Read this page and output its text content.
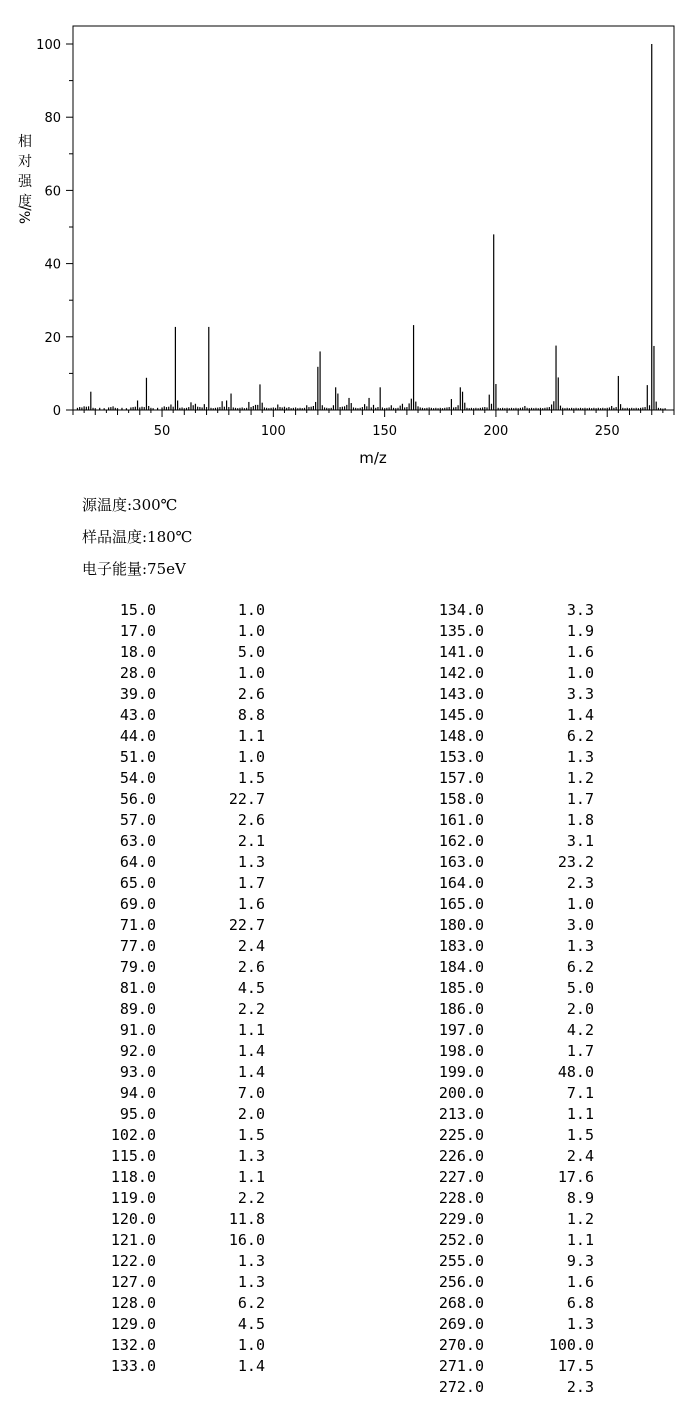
0
20
40
60
80
100
50	100	150	200	250
m/z
相
对
强
度
%/
源温度:300℃
样品温度:180℃
电子能量:75eV
15.0	1.0
17.0	1.0
18.0	5.0
28.0	1.0
39.0	2.6
43.0	8.8
44.0	1.1
51.0	1.0
54.0	1.5
56.0	22.7
57.0	2.6
63.0	2.1
64.0	1.3
65.0	1.7
69.0	1.6
71.0	22.7
77.0	2.4
79.0	2.6
81.0	4.5
89.0	2.2
91.0	1.1
92.0	1.4
93.0	1.4
94.0	7.0
95.0	2.0
102.0	1.5
115.0	1.3
118.0	1.1
119.0	2.2
120.0	11.8
121.0	16.0
122.0	1.3
127.0	1.3
128.0	6.2
129.0	4.5
132.0	1.0
133.0	1.4
134.0	3.3
135.0	1.9
141.0	1.6
142.0	1.0
143.0	3.3
145.0	1.4
148.0	6.2
153.0	1.3
157.0	1.2
158.0	1.7
161.0	1.8
162.0	3.1
163.0	23.2
164.0	2.3
165.0	1.0
180.0	3.0
183.0	1.3
184.0	6.2
185.0	5.0
186.0	2.0
197.0	4.2
198.0	1.7
199.0	48.0
200.0	7.1
213.0	1.1
225.0	1.5
226.0	2.4
227.0	17.6
228.0	8.9
229.0	1.2
252.0	1.1
255.0	9.3
256.0	1.6
268.0	6.8
269.0	1.3
270.0	100.0
271.0	17.5
272.0	2.3
